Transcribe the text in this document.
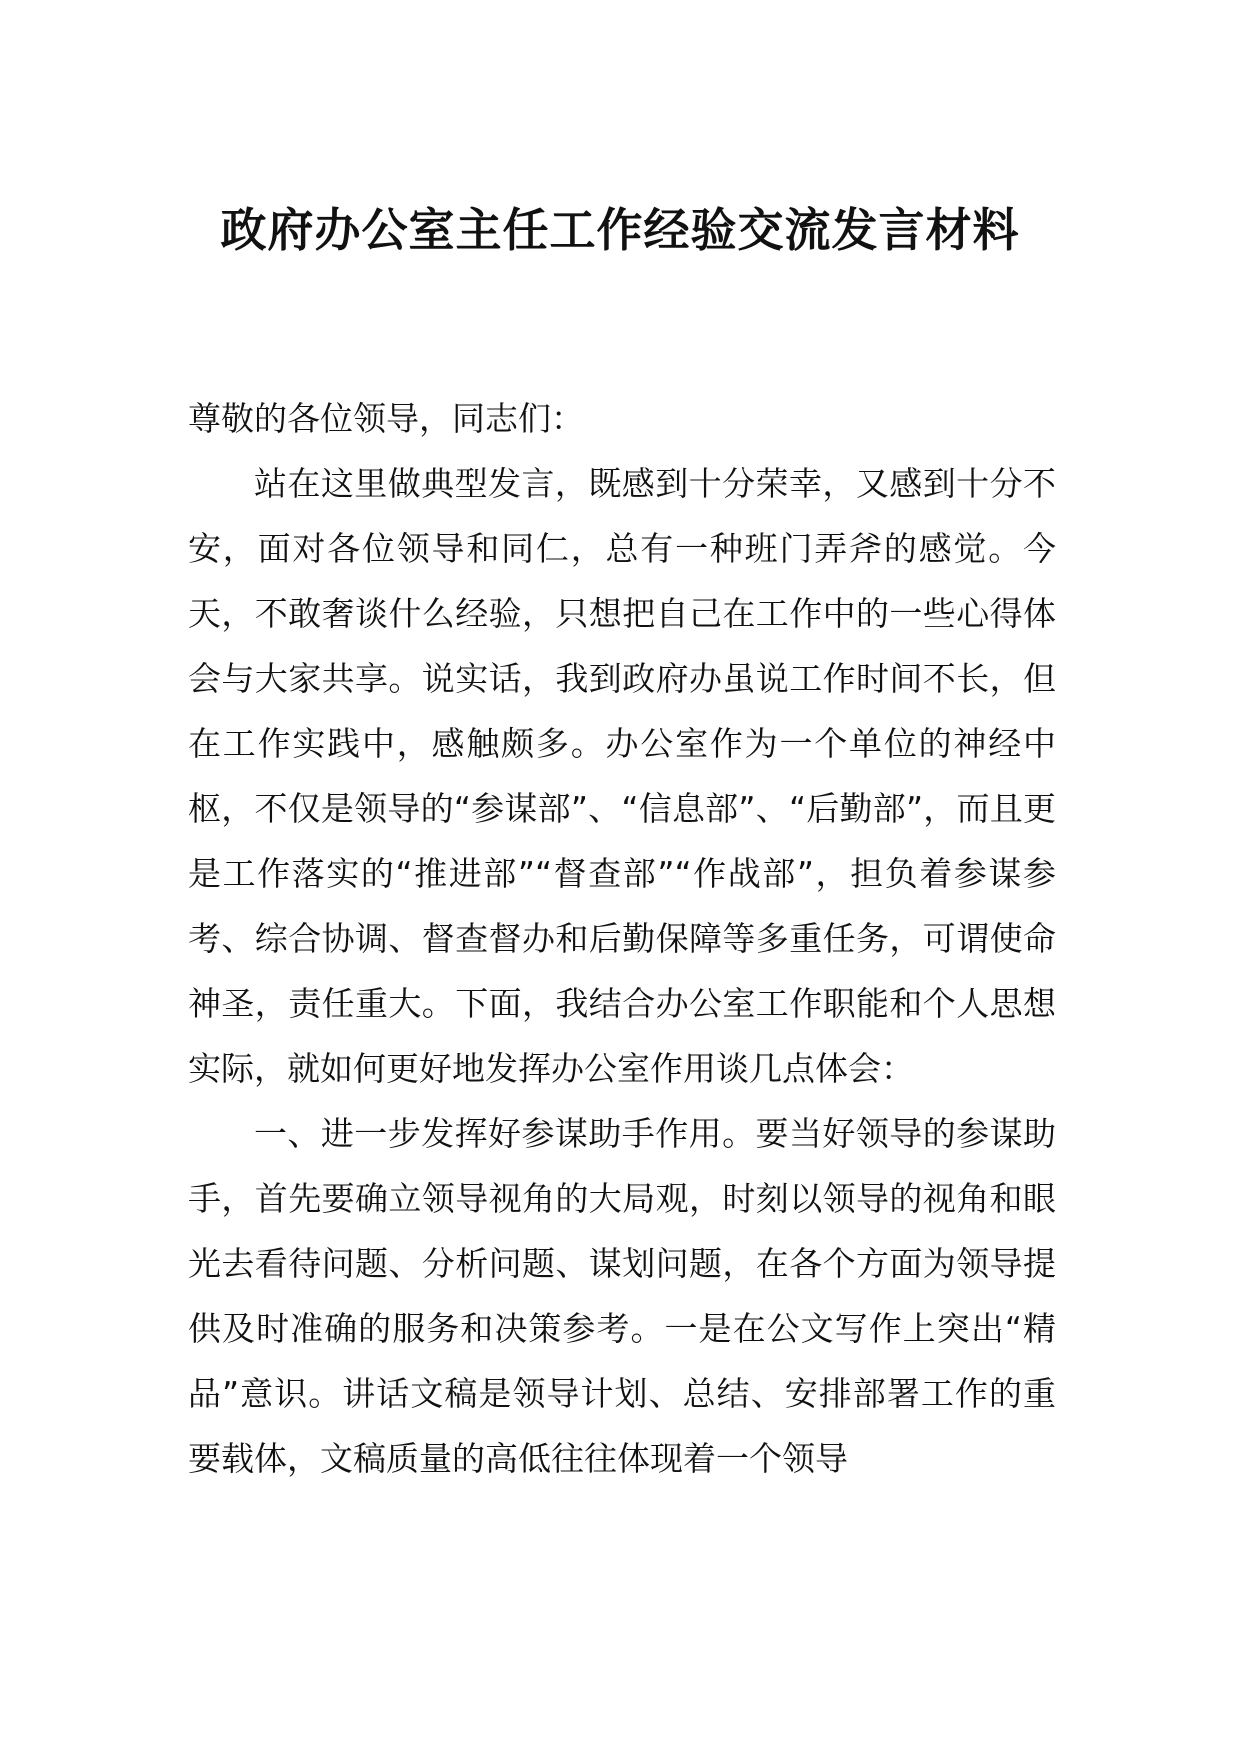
政府办公室主任工作经验交流发言材料

尊敬的各位领导，同志们：

站在这里做典型发言，既感到十分荣幸，又感到十分不安，面对各位领导和同仁，总有一种班门弄斧的感觉。今天，不敢奢谈什么经验，只想把自己在工作中的一些心得体会与大家共享。说实话，我到政府办虽说工作时间不长，但在工作实践中，感触颇多。办公室作为一个单位的神经中枢，不仅是领导的“参谋部”、“信息部”、“后勤部”，而且更是工作落实的“推进部”“督查部”“作战部”，担负着参谋参考、综合协调、督查督办和后勤保障等多重任务，可谓使命神圣，责任重大。下面，我结合办公室工作职能和个人思想实际，就如何更好地发挥办公室作用谈几点体会：

一、进一步发挥好参谋助手作用。要当好领导的参谋助手，首先要确立领导视角的大局观，时刻以领导的视角和眼光去看待问题、分析问题、谋划问题，在各个方面为领导提供及时准确的服务和决策参考。一是在公文写作上突出“精品”意识。讲话文稿是领导计划、总结、安排部署工作的重要载体，文稿质量的高低往往体现着一个领导
